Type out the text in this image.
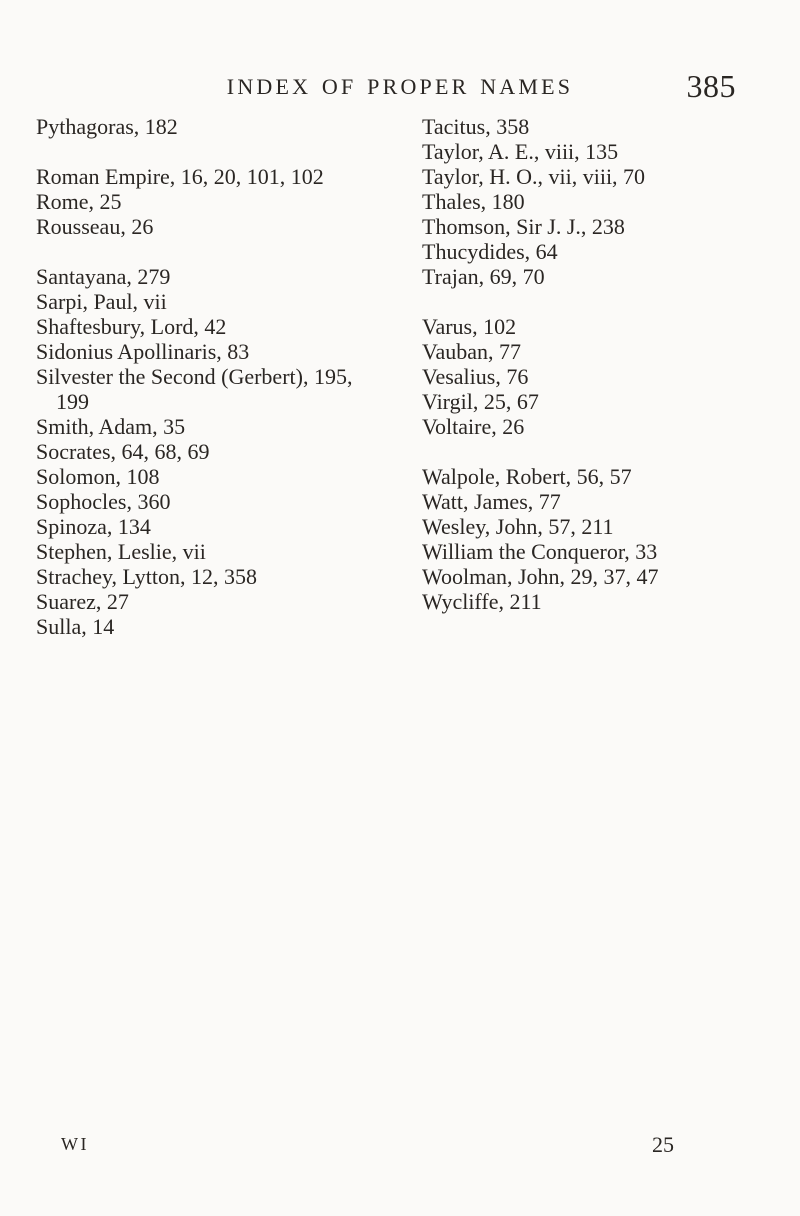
INDEX OF PROPER NAMES	385
Pythagoras, 182
Roman Empire, 16, 20, 101, 102
Rome, 25
Rousseau, 26
Santayana, 279
Sarpi, Paul, vii
Shaftesbury, Lord, 42
Sidonius Apollinaris, 83
Silvester the Second (Gerbert), 195, 199
Smith, Adam, 35
Socrates, 64, 68, 69
Solomon, 108
Sophocles, 360
Spinoza, 134
Stephen, Leslie, vii
Strachey, Lytton, 12, 358
Suarez, 27
Sulla, 14
Tacitus, 358
Taylor, A. E., viii, 135
Taylor, H. O., vii, viii, 70
Thales, 180
Thomson, Sir J. J., 238
Thucydides, 64
Trajan, 69, 70
Varus, 102
Vauban, 77
Vesalius, 76
Virgil, 25, 67
Voltaire, 26
Walpole, Robert, 56, 57
Watt, James, 77
Wesley, John, 57, 211
William the Conqueror, 33
Woolman, John, 29, 37, 47
Wycliffe, 211
WI	25
